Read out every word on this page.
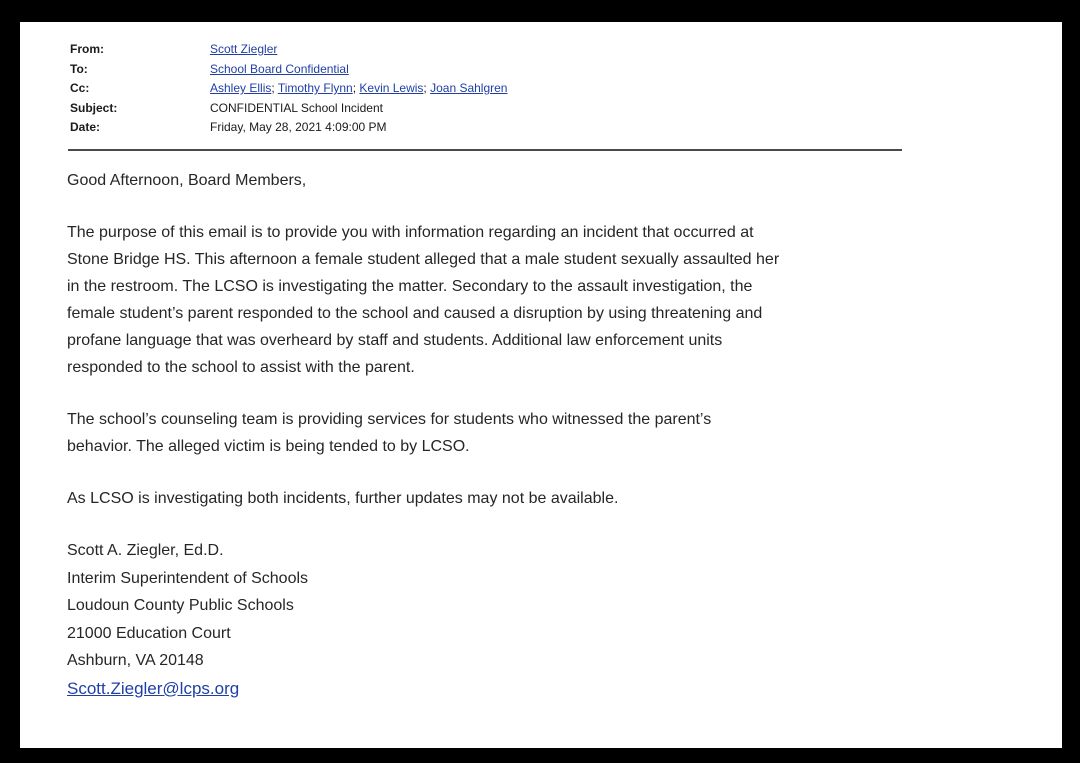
From:	Scott Ziegler
To:	School Board Confidential
Cc:	Ashley Ellis; Timothy Flynn; Kevin Lewis; Joan Sahlgren
Subject:	CONFIDENTIAL School Incident
Date:	Friday, May 28, 2021 4:09:00 PM

Good Afternoon, Board Members,

The purpose of this email is to provide you with information regarding an incident that occurred at

Stone Bridge HS. This afternoon a female student alleged that a male student sexually assaulted her

in the restroom. The LCSO is investigating the matter. Secondary to the assault investigation, the

female student’s parent responded to the school and caused a disruption by using threatening and

profane language that was overheard by staff and students. Additional law enforcement units

responded to the school to assist with the parent.

The school’s counseling team is providing services for students who witnessed the parent’s

behavior. The alleged victim is being tended to by LCSO.

As LCSO is investigating both incidents, further updates may not be available.

Scott A. Ziegler, Ed.D.

Interim Superintendent of Schools

Loudoun County Public Schools

21000 Education Court

Ashburn, VA 20148

Scott.Ziegler@lcps.org
